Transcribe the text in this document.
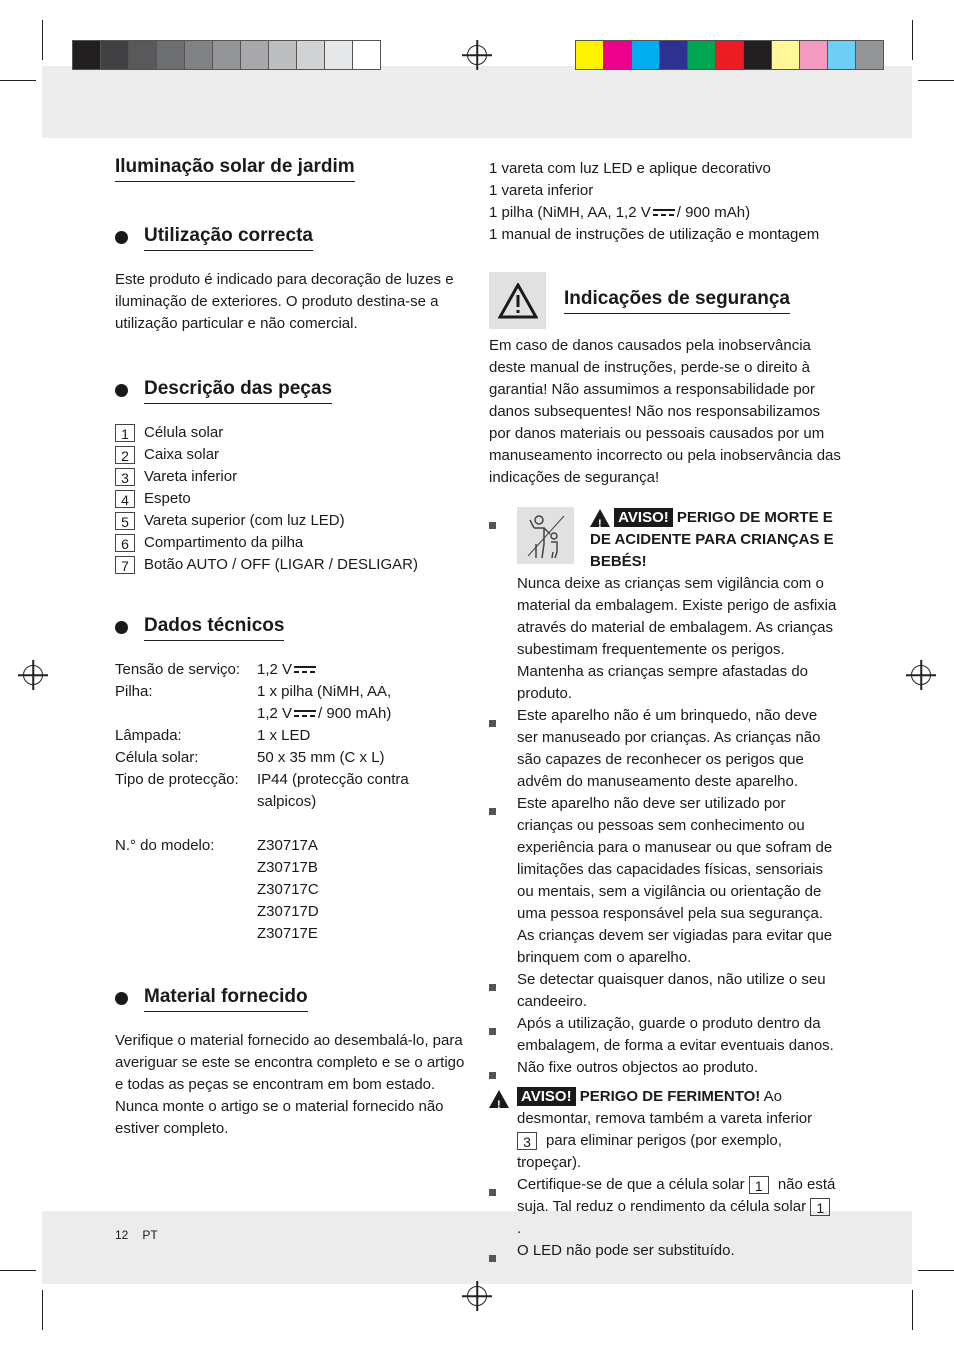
Iluminação solar de jardim
Utilização correcta

Este produto é indicado para decoração de luzes e iluminação de exteriores. O produto destina-se a utilização particular e não comercial.

Descrição das peças
1	Célula solar
2	Caixa solar
3	Vareta inferior
4	Espeto
5	Vareta superior (com luz LED)
6	Compartimento da pilha
7	Botão AUTO / OFF (LIGAR / DESLIGAR)
Dados técnicos
Tensão de serviço:	1,2 V
Pilha:	1 x pilha (NiMH, AA,
1,2 V / 900 mAh)
Lâmpada:	1 x LED
Célula solar:	50 x 35 mm (C x L)
Tipo de protecção:	IP44 (protecção contra salpicos)
N.° do modelo:	Z30717A
Z30717B
Z30717C
Z30717D
Z30717E
Material fornecido

Verifique o material fornecido ao desembalá-lo, para averiguar se este se encontra completo e se o artigo e todas as peças se encontram em bom estado. Nunca monte o artigo se o material fornecido não estiver completo.

1 vareta com luz LED e aplique decorativo
1 vareta inferior
1 pilha (NiMH, AA, 1,2 V / 900 mAh)
1 manual de instruções de utilização e montagem
Indicações de segurança

Em caso de danos causados pela inobservância deste manual de instruções, perde-se o direito à garantia! Não assumimos a responsabilidade por danos subsequentes! Não nos responsabilizamos por danos materiais ou pessoais causados por um manuseamento incorrecto ou pela inobservância das indicações de segurança!

! AVISO! PERIGO DE MORTE E DE ACIDENTE PARA CRIANÇAS E BEBÉS!

Nunca deixe as crianças sem vigilância com o material da embalagem. Existe perigo de asfixia através do material de embalagem. As crianças subestimam frequentemente os perigos. Mantenha as crianças sempre afastadas do produto.

Este aparelho não é um brinquedo, não deve ser manuseado por crianças. As crianças não são capazes de reconhecer os perigos que advêm do manuseamento deste aparelho.

Este aparelho não deve ser utilizado por crianças ou pessoas sem conhecimento ou experiência para o manusear ou que sofram de limitações das capacidades físicas, sensoriais ou mentais, sem a vigilância ou orientação de uma pessoa responsável pela sua segurança. As crianças devem ser vigiadas para evitar que brinquem com o aparelho.

Se detectar quaisquer danos, não utilize o seu candeeiro.

Após a utilização, guarde o produto dentro da embalagem, de forma a evitar eventuais danos.

Não fixe outros objectos ao produto.

!

AVISO! PERIGO DE FERIMENTO! Ao desmontar, remova também a vareta inferior 3 para eliminar perigos (por exemplo, tropeçar).

Certifique-se de que a célula solar 1 não está suja. Tal reduz o rendimento da célula solar 1.

O LED não pode ser substituído.

12 PT
